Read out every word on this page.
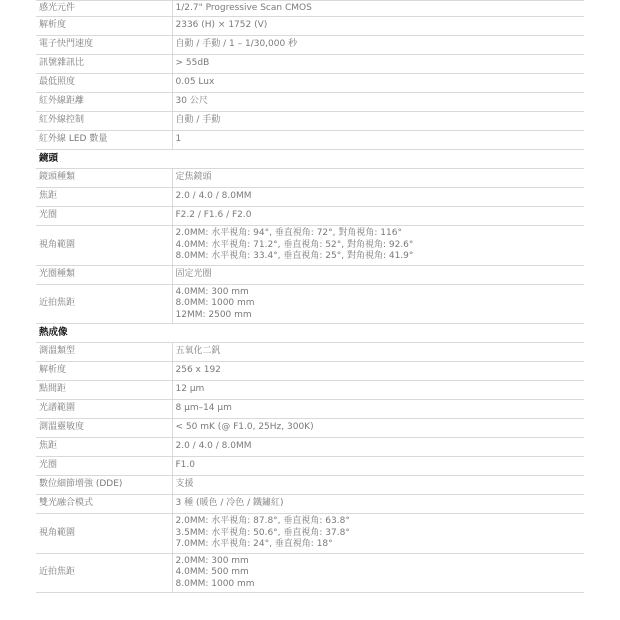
感光元件	1/2.7" Progressive Scan CMOS

解析度	2336 (H) × 1752 (V)

電子快門速度	自動 / 手動 / 1 – 1/30,000 秒

訊號雜訊比	> 55dB

最低照度	0.05 Lux

紅外線距離	30 公尺

紅外線控制	自動 / 手動

紅外線 LED 數量	1

鏡頭	
鏡頭種類	定焦鏡頭

焦距	2.0 / 4.0 / 8.0MM

光圈	F2.2 / F1.6 / F2.0

視角範圍	2.0MM: 水平視角: 94°, 垂直視角: 72°, 對角視角: 116°
4.0MM: 水平視角: 71.2°, 垂直視角: 52°, 對角視角: 92.6°
8.0MM: 水平視角: 33.4°, 垂直視角: 25°, 對角視角: 41.9°

光圈種類	固定光圈

近拍焦距	4.0MM: 300 mm
8.0MM: 1000 mm
12MM: 2500 mm

熱成像	
測溫類型	五氧化二釩

解析度	256 x 192

點間距	12 µm

光譜範圍	8 µm–14 µm

測溫靈敏度	< 50 mK (@ F1.0, 25Hz, 300K)

焦距	2.0 / 4.0 / 8.0MM

光圈	F1.0

數位細節增強 (DDE)	支援

雙光融合模式	3 種 (暖色 / 冷色 / 鐵鏽紅)

視角範圍	2.0MM: 水平視角: 87.8°, 垂直視角: 63.8°
3.5MM: 水平視角: 50.6°, 垂直視角: 37.8°
7.0MM: 水平視角: 24°, 垂直視角: 18°

近拍焦距	2.0MM: 300 mm
4.0MM: 500 mm
8.0MM: 1000 mm
